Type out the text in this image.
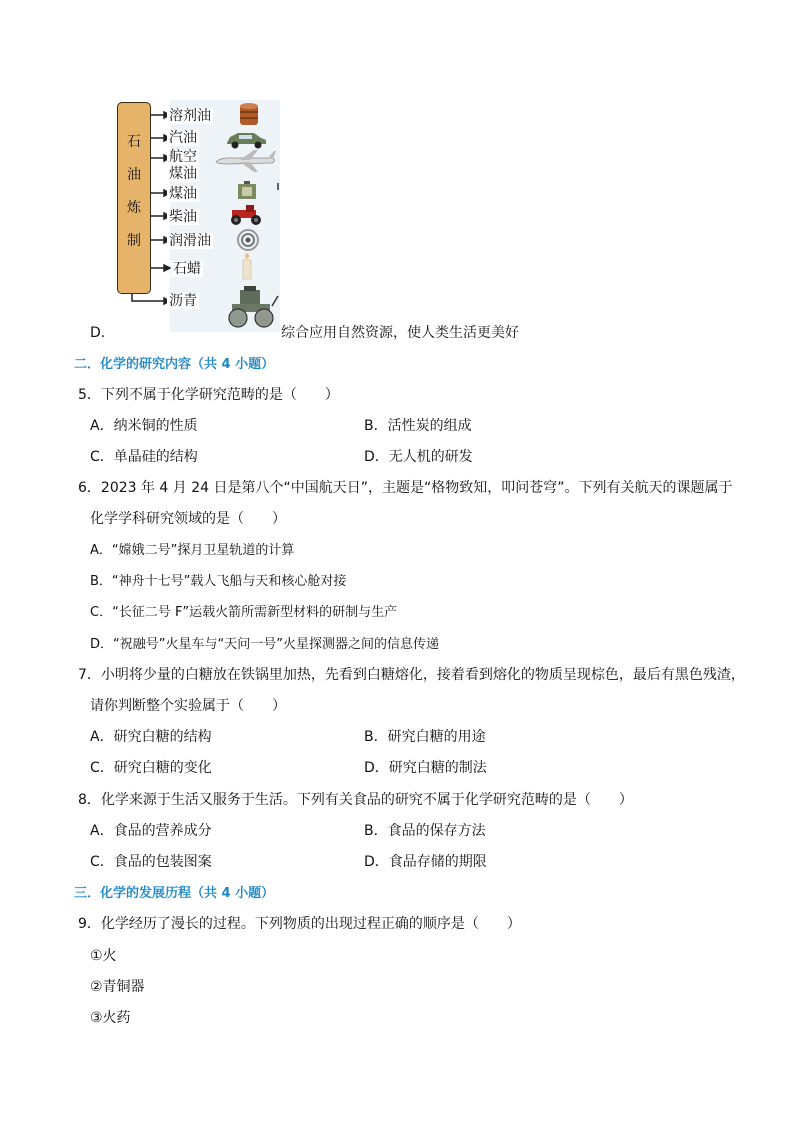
石
油
炼
制
溶剂油
汽油
航空
煤油
煤油
柴油
润滑油
石蜡
沥青
D．	综合应用自然资源，使人类生活更美好
二．化学的研究内容（共 4 小题）
5．下列不属于化学研究范畴的是（　　）
A．纳米铜的性质	B．活性炭的组成
C．单晶硅的结构	D．无人机的研发
6．2023 年 4 月 24 日是第八个“中国航天日”，主题是“格物致知，叩问苍穹”。下列有关航天的课题属于
化学学科研究领域的是（　　）
A．“嫦娥二号”探月卫星轨道的计算
B．“神舟十七号”载人飞船与天和核心舱对接
C．“长征二号 F”运载火箭所需新型材料的研制与生产
D．“祝融号”火星车与“天问一号”火星探测器之间的信息传递
7．小明将少量的白糖放在铁锅里加热，先看到白糖熔化，接着看到熔化的物质呈现棕色，最后有黑色残渣，
请你判断整个实验属于（　　）
A．研究白糖的结构	B．研究白糖的用途
C．研究白糖的变化	D．研究白糖的制法
8．化学来源于生活又服务于生活。下列有关食品的研究不属于化学研究范畴的是（　　）
A．食品的营养成分	B．食品的保存方法
C．食品的包装图案	D．食品存储的期限
三．化学的发展历程（共 4 小题）
9．化学经历了漫长的过程。下列物质的出现过程正确的顺序是（　　）
①火
②青铜器
③火药
